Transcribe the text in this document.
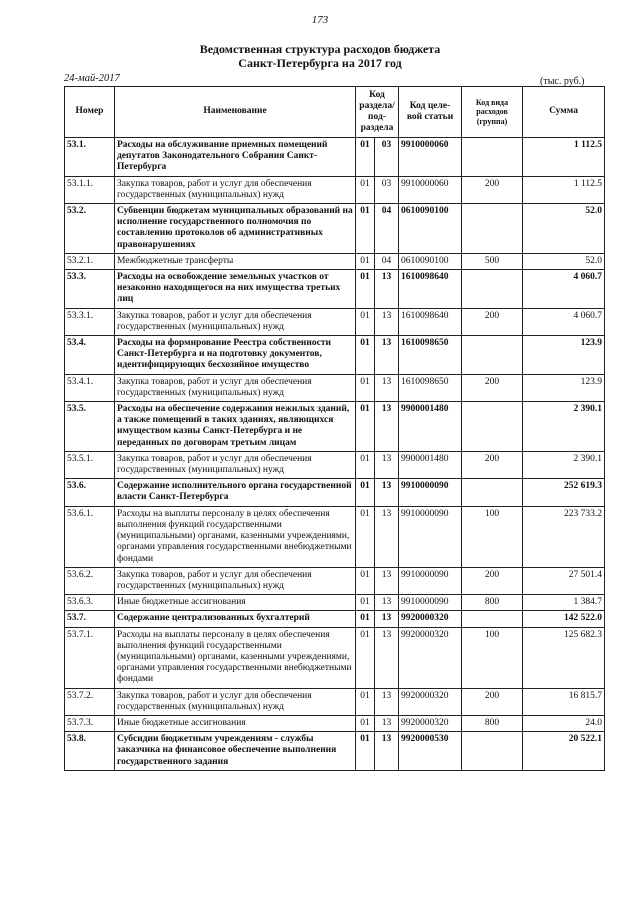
173
Ведомственная структура расходов бюджета
Санкт-Петербурга на 2017 год
24-май-2017	(тыс. руб.)
Номер	Наименование	Код раздела/ под- раздела		Код целе- вой статьи	Код вида расходов (группа)	Сумма
53.1.	Расходы на обслуживание приемных помещений депутатов Законодательного Собрания Санкт-Петербурга	01	03	9910000060		1 112.5
53.1.1.	Закупка товаров, работ и услуг для обеспечения государственных (муниципальных) нужд	01	03	9910000060	200	1 112.5
53.2.	Субвенции бюджетам муниципальных образований на исполнение государственного полномочия по составлению протоколов об административных правонарушениях	01	04	0610090100		52.0
53.2.1.	Межбюджетные трансферты	01	04	0610090100	500	52.0
53.3.	Расходы на освобождение земельных участков от незаконно находящегося на них имущества третьих лиц	01	13	1610098640		4 060.7
53.3.1.	Закупка товаров, работ и услуг для обеспечения государственных (муниципальных) нужд	01	13	1610098640	200	4 060.7
53.4.	Расходы на формирование Реестра собственности Санкт-Петербурга и на подготовку документов, идентифицирующих бесхозяйное имущество	01	13	1610098650		123.9
53.4.1.	Закупка товаров, работ и услуг для обеспечения государственных (муниципальных) нужд	01	13	1610098650	200	123.9
53.5.	Расходы на обеспечение содержания нежилых зданий, а также помещений в таких зданиях, являющихся имуществом казны Санкт-Петербурга и не переданных по договорам третьим лицам	01	13	9900001480		2 390.1
53.5.1.	Закупка товаров, работ и услуг для обеспечения государственных (муниципальных) нужд	01	13	9900001480	200	2 390.1
53.6.	Содержание исполнительного органа государственной власти Санкт-Петербурга	01	13	9910000090		252 619.3
53.6.1.	Расходы на выплаты персоналу в целях обеспечения выполнения функций государственными (муниципальными) органами, казенными учреждениями, органами управления государственными внебюджетными фондами	01	13	9910000090	100	223 733.2
53.6.2.	Закупка товаров, работ и услуг для обеспечения государственных (муниципальных) нужд	01	13	9910000090	200	27 501.4
53.6.3.	Иные бюджетные ассигнования	01	13	9910000090	800	1 384.7
53.7.	Содержание централизованных бухгалтерий	01	13	9920000320		142 522.0
53.7.1.	Расходы на выплаты персоналу в целях обеспечения выполнения функций государственными (муниципальными) органами, казенными учреждениями, органами управления государственными внебюджетными фондами	01	13	9920000320	100	125 682.3
53.7.2.	Закупка товаров, работ и услуг для обеспечения государственных (муниципальных) нужд	01	13	9920000320	200	16 815.7
53.7.3.	Иные бюджетные ассигнования	01	13	9920000320	800	24.0
53.8.	Субсидии бюджетным учреждениям - службы заказчика на финансовое обеспечение выполнения государственного задания	01	13	9920000530		20 522.1
